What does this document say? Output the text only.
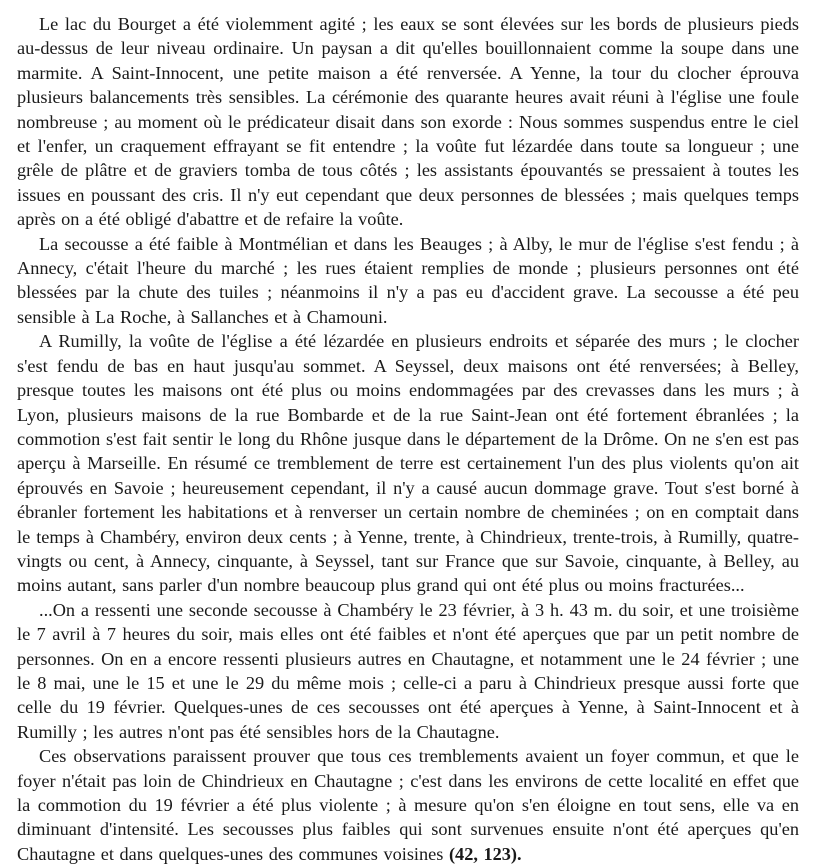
Le lac du Bourget a été violemment agité ; les eaux se sont élevées sur les bords de plusieurs pieds au-dessus de leur niveau ordinaire. Un paysan a dit qu'elles bouillonnaient comme la soupe dans une marmite. A Saint-Innocent, une petite maison a été renversée. A Yenne, la tour du clocher éprouva plusieurs balancements très sensibles. La cérémonie des quarante heures avait réuni à l'église une foule nombreuse ; au moment où le prédicateur disait dans son exorde : Nous sommes suspendus entre le ciel et l'enfer, un craquement effrayant se fit entendre ; la voûte fut lézardée dans toute sa longueur ; une grêle de plâtre et de graviers tomba de tous côtés ; les assistants épouvantés se pressaient à toutes les issues en poussant des cris. Il n'y eut cependant que deux personnes de blessées ; mais quelques temps après on a été obligé d'abattre et de refaire la voûte.

La secousse a été faible à Montmélian et dans les Beauges ; à Alby, le mur de l'église s'est fendu ; à Annecy, c'était l'heure du marché ; les rues étaient remplies de monde ; plusieurs personnes ont été blessées par la chute des tuiles ; néanmoins il n'y a pas eu d'accident grave. La secousse a été peu sensible à La Roche, à Sallanches et à Chamouni.

A Rumilly, la voûte de l'église a été lézardée en plusieurs endroits et séparée des murs ; le clocher s'est fendu de bas en haut jusqu'au sommet. A Seyssel, deux maisons ont été renversées; à Belley, presque toutes les maisons ont été plus ou moins endommagées par des crevasses dans les murs ; à Lyon, plusieurs maisons de la rue Bombarde et de la rue Saint-Jean ont été fortement ébranlées ; la commotion s'est fait sentir le long du Rhône jusque dans le département de la Drôme. On ne s'en est pas aperçu à Marseille. En résumé ce tremblement de terre est certainement l'un des plus violents qu'on ait éprouvés en Savoie ; heureusement cependant, il n'y a causé aucun dommage grave. Tout s'est borné à ébranler fortement les habitations et à renverser un certain nombre de cheminées ; on en comptait dans le temps à Chambéry, environ deux cents ; à Yenne, trente, à Chindrieux, trente-trois, à Rumilly, quatre-vingts ou cent, à Annecy, cinquante, à Seyssel, tant sur France que sur Savoie, cinquante, à Belley, au moins autant, sans parler d'un nombre beaucoup plus grand qui ont été plus ou moins fracturées...

...On a ressenti une seconde secousse à Chambéry le 23 février, à 3 h. 43 m. du soir, et une troisième le 7 avril à 7 heures du soir, mais elles ont été faibles et n'ont été aperçues que par un petit nombre de personnes. On en a encore ressenti plusieurs autres en Chautagne, et notamment une le 24 février ; une le 8 mai, une le 15 et une le 29 du même mois ; celle-ci a paru à Chindrieux presque aussi forte que celle du 19 février. Quelques-unes de ces secousses ont été aperçues à Yenne, à Saint-Innocent et à Rumilly ; les autres n'ont pas été sensibles hors de la Chautagne.

Ces observations paraissent prouver que tous ces tremblements avaient un foyer commun, et que le foyer n'était pas loin de Chindrieux en Chautagne ; c'est dans les environs de cette localité en effet que la commotion du 19 février a été plus violente ; à mesure qu'on s'en éloigne en tout sens, elle va en diminuant d'intensité. Les secousses plus faibles qui sont survenues ensuite n'ont été aperçues qu'en Chautagne et dans quelques-unes des communes voisines (42, 123).
